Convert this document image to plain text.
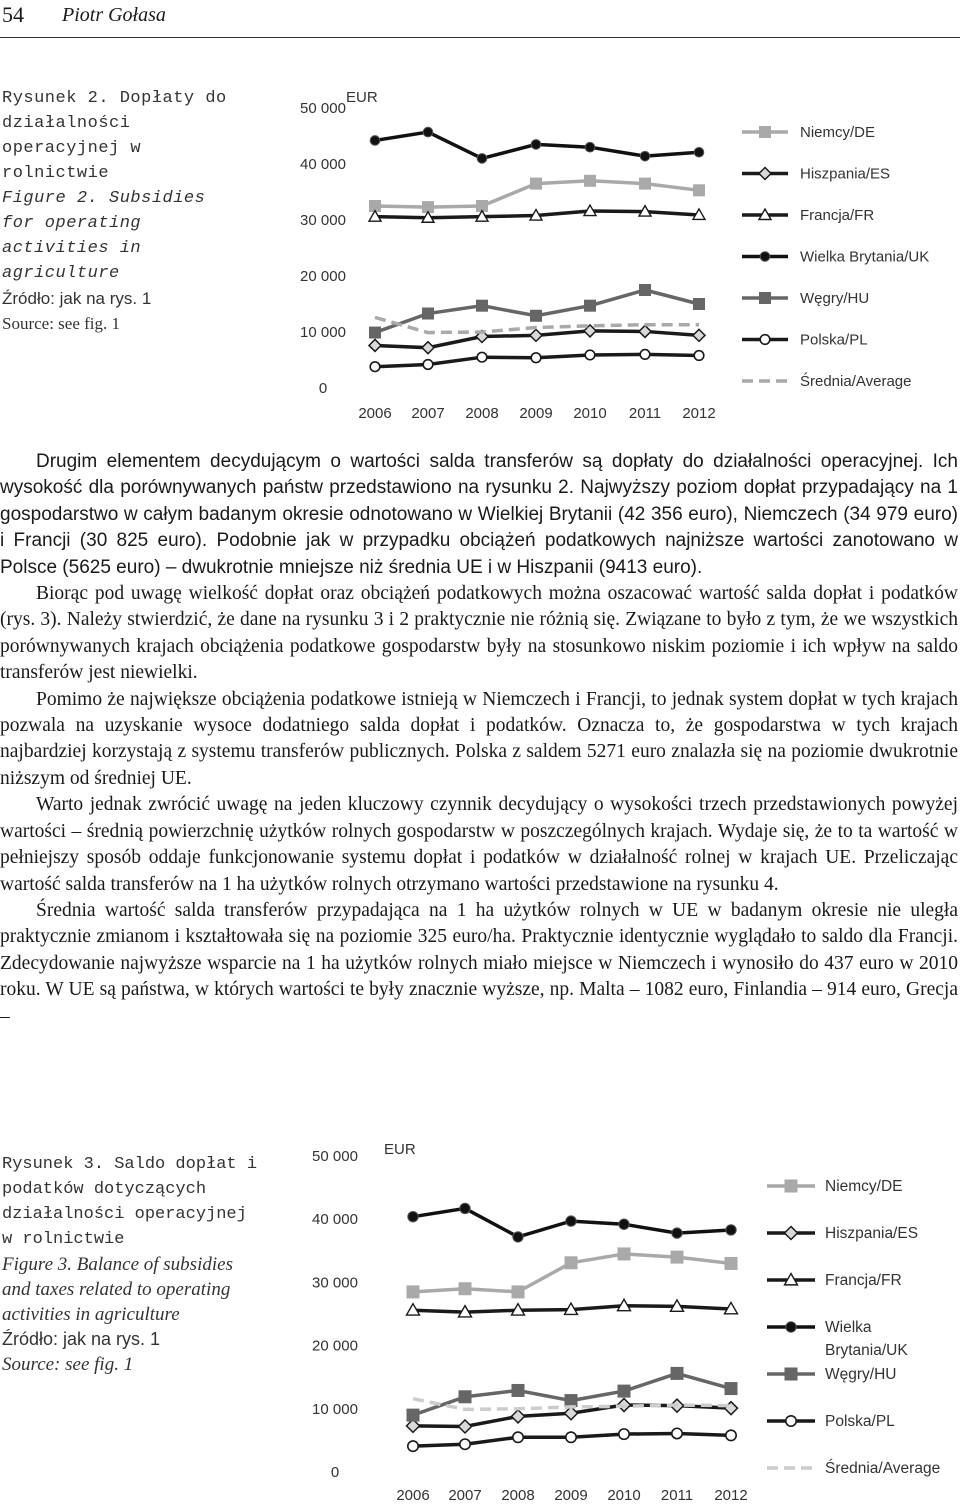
54 Piotr Gołasa
Rysunek 2. Dopłaty do działalności operacyjnej w rolnictwie
Figure 2. Subsidies for operating activities in agriculture
Źródło: jak na rys. 1
Source: see fig. 1
EUR
0
10 000
20 000
30 000
40 000
50 000
2006 2007 2008 2009 2010 2011 2012
Niemcy/DE
Hiszpania/ES
Francja/FR
Wielka Brytania/UK
Węgry/HU
Polska/PL
Średnia/Average

Drugim elementem decydującym o wartości salda transferów są dopłaty do działalności operacyjnej. Ich wysokość dla porównywanych państw przedstawiono na rysunku 2. Najwyższy poziom dopłat przypadający na 1 gospodarstwo w całym badanym okresie odnotowano w Wielkiej Brytanii (42 356 euro), Niemczech (34 979 euro) i Francji (30 825 euro). Podobnie jak w przypadku obciążeń podatkowych najniższe wartości zanotowano w Polsce (5625 euro) – dwukrotnie mniejsze niż średnia UE i w Hiszpanii (9413 euro).

Biorąc pod uwagę wielkość dopłat oraz obciążeń podatkowych można oszacować wartość salda dopłat i podatków (rys. 3). Należy stwierdzić, że dane na rysunku 3 i 2 praktycznie nie różnią się. Związane to było z tym, że we wszystkich porównywanych krajach obciążenia podatkowe gospodarstw były na stosunkowo niskim poziomie i ich wpływ na saldo transferów jest niewielki.

Pomimo że największe obciążenia podatkowe istnieją w Niemczech i Francji, to jednak system dopłat w tych krajach pozwala na uzyskanie wysoce dodatniego salda dopłat i podatków. Oznacza to, że gospodarstwa w tych krajach najbardziej korzystają z systemu transferów publicznych. Polska z saldem 5271 euro znalazła się na poziomie dwukrotnie niższym od średniej UE.

Warto jednak zwrócić uwagę na jeden kluczowy czynnik decydujący o wysokości trzech przedstawionych powyżej wartości – średnią powierzchnię użytków rolnych gospodarstw w poszczególnych krajach. Wydaje się, że to ta wartość w pełniejszy sposób oddaje funkcjonowanie systemu dopłat i podatków w działalność rolnej w krajach UE. Przeliczając wartość salda transferów na 1 ha użytków rolnych otrzymano wartości przedstawione na rysunku 4.

Średnia wartość salda transferów przypadająca na 1 ha użytków rolnych w UE w badanym okresie nie uległa praktycznie zmianom i kształtowała się na poziomie 325 euro/ha. Praktycznie identycznie wyglądało to saldo dla Francji. Zdecydowanie najwyższe wsparcie na 1 ha użytków rolnych miało miejsce w Niemczech i wynosiło do 437 euro w 2010 roku. W UE są państwa, w których wartości te były znacznie wyższe, np. Malta – 1082 euro, Finlandia – 914 euro, Grecja –

Rysunek 3. Saldo dopłat i podatków dotyczących działalności operacyjnej w rolnictwie
Figure 3. Balance of subsidies and taxes related to operating activities in agriculture
Źródło: jak na rys. 1
Source: see fig. 1
EUR
0
10 000
20 000
30 000
40 000
50 000
2006 2007 2008 2009 2010 2011 2012
Niemcy/DE
Hiszpania/ES
Francja/FR
Wielka
Brytania/UK
Węgry/HU
Polska/PL
Średnia/Average
